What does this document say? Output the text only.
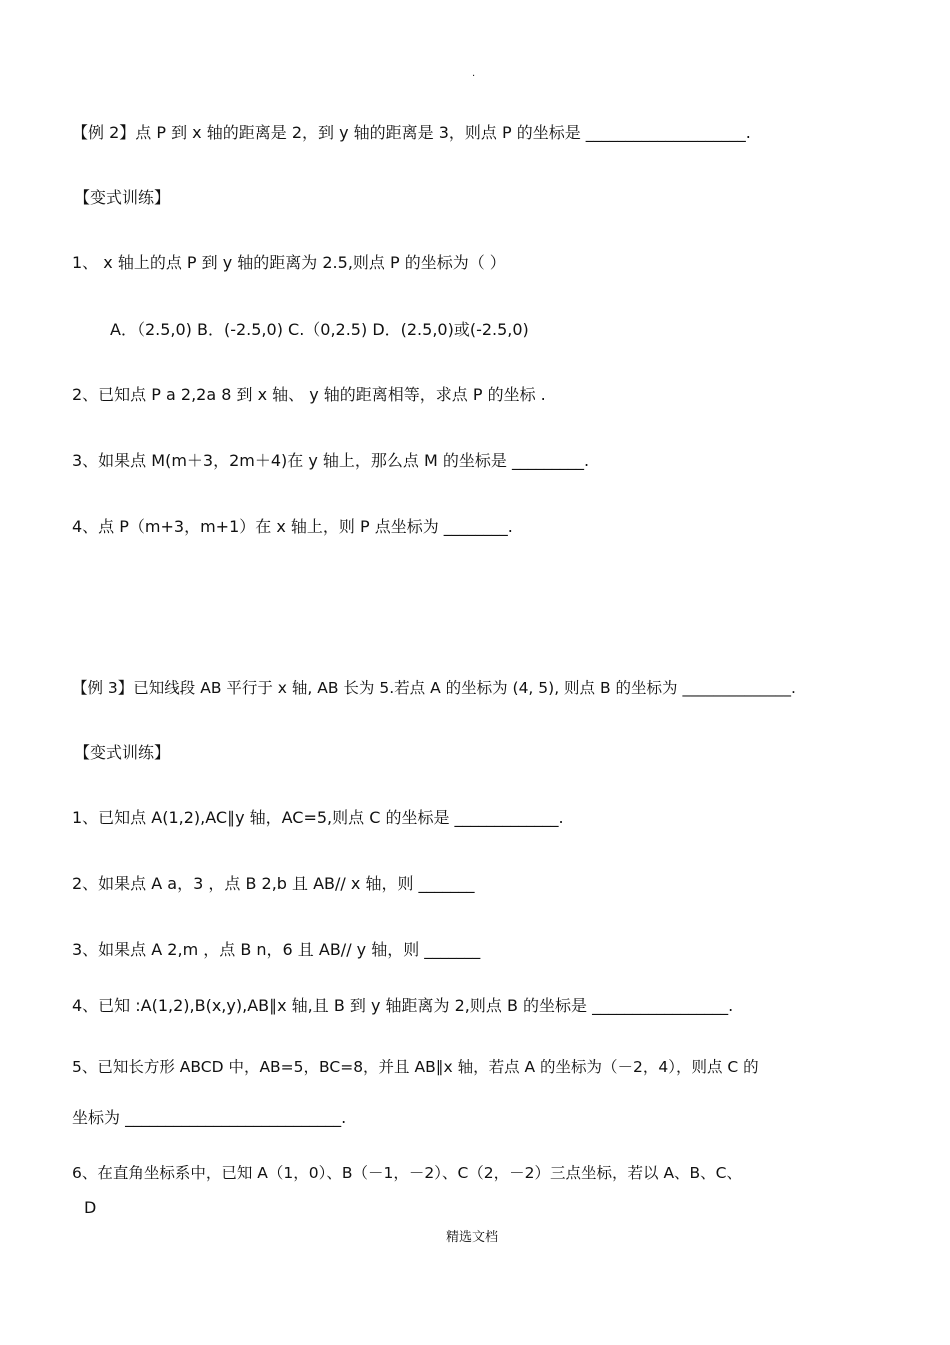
.
【例 2】点 P 到 x 轴的距离是 2，到 y 轴的距离是 3，则点 P 的坐标是 ____________________.
【变式训练】
1、 x 轴上的点 P 到 y 轴的距离为 2.5,则点 P 的坐标为（ ）
A．（2.5,0) B．(-2.5,0) C.（0,2.5) D．(2.5,0)或(-2.5,0)
2、已知点 P a 2,2a 8 到 x 轴、 y 轴的距离相等，求点 P 的坐标 .
3、如果点 M(m＋3，2m＋4)在 y 轴上，那么点 M 的坐标是 _________.
4、点 P（m+3，m+1）在 x 轴上，则 P 点坐标为 ________.
【例 3】已知线段 AB 平行于 x 轴, AB 长为 5.若点 A 的坐标为 (4, 5), 则点 B 的坐标为 ______________.
【变式训练】
1、已知点 A(1,2),AC∥y 轴，AC=5,则点 C 的坐标是 _____________.
2、如果点 A a，3 ，点 B 2,b 且 AB// x 轴，则 _______
3、如果点 A 2,m ，点 B n，6 且 AB// y 轴，则 _______
4、已知 :A(1,2),B(x,y),AB∥x 轴,且 B 到 y 轴距离为 2,则点 B 的坐标是 _________________.
5、已知长方形 ABCD 中，AB=5，BC=8，并且 AB∥x 轴，若点 A 的坐标为（－2，4），则点 C 的
坐标为 ___________________________.
6、在直角坐标系中，已知 A（1，0）、B（－1，－2）、C（2，－2）三点坐标，若以 A、B、C、
D
精选文档
